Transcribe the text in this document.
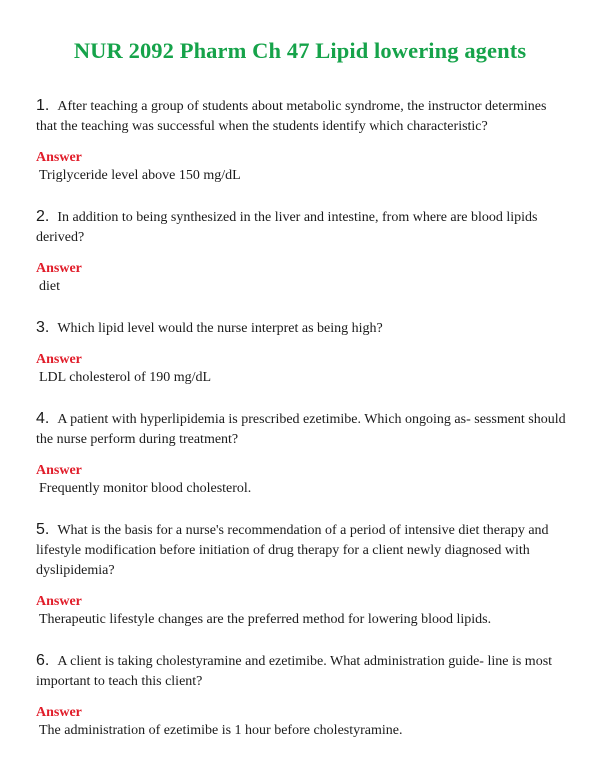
NUR 2092 Pharm Ch 47 Lipid lowering agents
1. After teaching a group of students about metabolic syndrome, the instructor determines that the teaching was successful when the students identify which characteristic?
Answer
Triglyceride level above 150 mg/dL
2. In addition to being synthesized in the liver and intestine, from where are blood lipids derived?
Answer
diet
3. Which lipid level would the nurse interpret as being high?
Answer
LDL cholesterol of 190 mg/dL
4. A patient with hyperlipidemia is prescribed ezetimibe. Which ongoing as- sessment should the nurse perform during treatment?
Answer
Frequently monitor blood cholesterol.
5. What is the basis for a nurse's recommendation of a period of intensive diet therapy and lifestyle modification before initiation of drug therapy for a client newly diagnosed with dyslipidemia?
Answer
Therapeutic lifestyle changes are the preferred method for lowering blood lipids.
6. A client is taking cholestyramine and ezetimibe. What administration guide- line is most important to teach this client?
Answer
The administration of ezetimibe is 1 hour before cholestyramine.
